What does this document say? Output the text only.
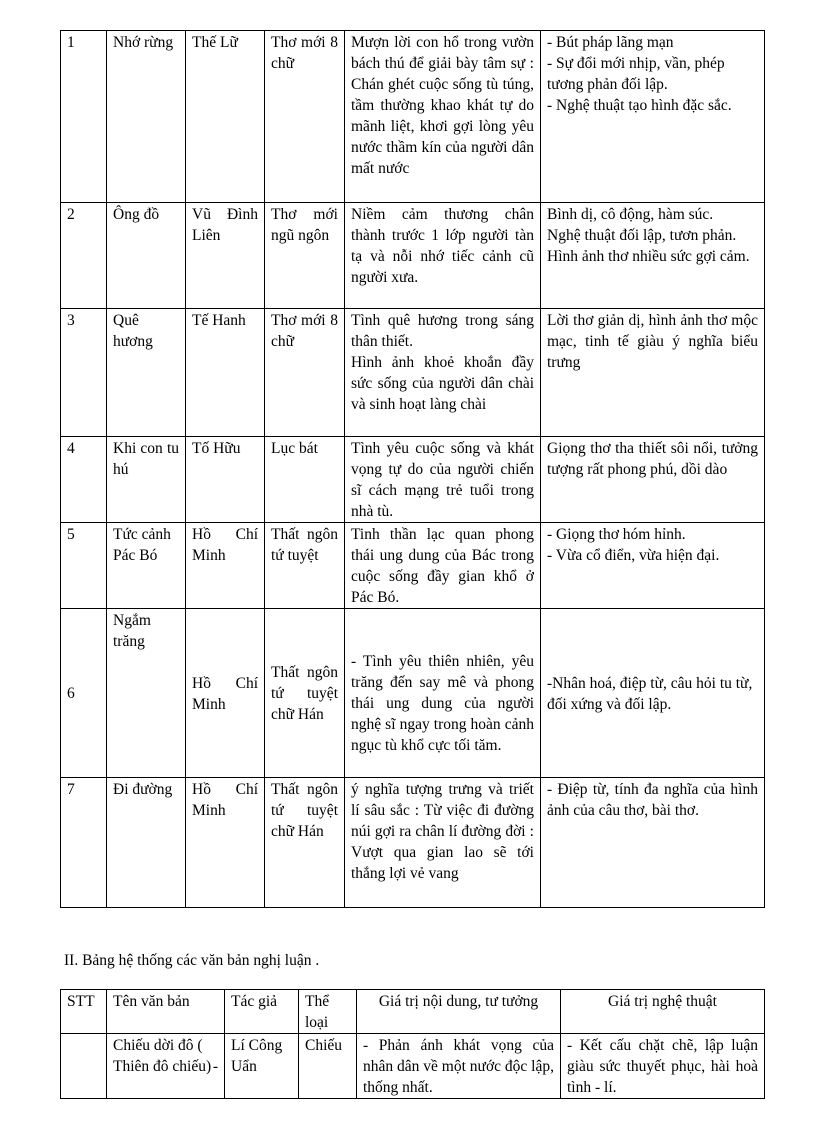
1	Nhớ rừng	Thế Lữ	Thơ mới 8 chữ	Mượn lời con hổ trong vườn bách thú để giải bày tâm sự : Chán ghét cuộc sống tù túng, tầm thường khao khát tự do mãnh liệt, khơi gợi lòng yêu nước thầm kín của người dân mất nước	- Bút pháp lãng mạn
- Sự đổi mới nhịp, vần, phép tương phản đối lập.
- Nghệ thuật tạo hình đặc sắc.

2	Ông đồ	Vũ Đình Liên	Thơ mới ngũ ngôn	Niềm cảm thương chân thành trước 1 lớp người tàn tạ và nỗi nhớ tiếc cảnh cũ người xưa.	Bình dị, cô động, hàm súc.
Nghệ thuật đối lập, tươn phản.
Hình ảnh thơ nhiều sức gợi cảm.

3	Quê hương	Tế Hanh	Thơ mới 8 chữ	Tình quê hương trong sáng thân thiết.
Hình ảnh khoẻ khoắn đầy sức sống của người dân chài và sinh hoạt làng chài	Lời thơ giản dị, hình ảnh thơ mộc mạc, tinh tế giàu ý nghĩa biểu trưng

4	Khi con tu hú	Tố Hữu	Lục bát	Tình yêu cuộc sống và khát vọng tự do của người chiến sĩ cách mạng trẻ tuổi trong nhà tù.	Giọng thơ tha thiết sôi nổi, tưởng tượng rất phong phú, dồi dào

5	Tức cảnh Pác Bó	Hồ Chí Minh	Thất ngôn tứ tuyệt	Tinh thần lạc quan phong thái ung dung của Bác trong cuộc sống đầy gian khổ ở Pác Bó.	- Giọng thơ hóm hỉnh.
- Vừa cổ điển, vừa hiện đại.

6	Ngắm trăng	Hồ Chí Minh	Thất ngôn tứ tuyệt chữ Hán	- Tình yêu thiên nhiên, yêu trăng đến say mê và phong thái ung dung của người nghệ sĩ ngay trong hoàn cảnh ngục tù khổ cực tối tăm.	-Nhân hoá, điệp từ, câu hỏi tu từ, đối xứng và đối lập.

7	Đi đường	Hồ Chí Minh	Thất ngôn tứ tuyệt chữ Hán	ý nghĩa tượng trưng và triết lí sâu sắc : Từ việc đi đường núi gợi ra chân lí đường đời : Vượt qua gian lao sẽ tới thắng lợi vẻ vang	- Điệp từ, tính đa nghĩa của hình ảnh của câu thơ, bài thơ.
II. Bảng hệ thống các văn bản nghị luận .
STT	Tên văn bản	Tác giả	Thể loại	Giá trị nội dung, tư tưởng	Giá trị nghệ thuật
	Chiếu dời đô ( Thiên đô chiếu) -	Lí Công Uẩn	Chiếu	- Phản ánh khát vọng của nhân dân về một nước độc lập, thống nhất.	- Kết cấu chặt chẽ, lập luận giàu sức thuyết phục, hài hoà tình - lí.
